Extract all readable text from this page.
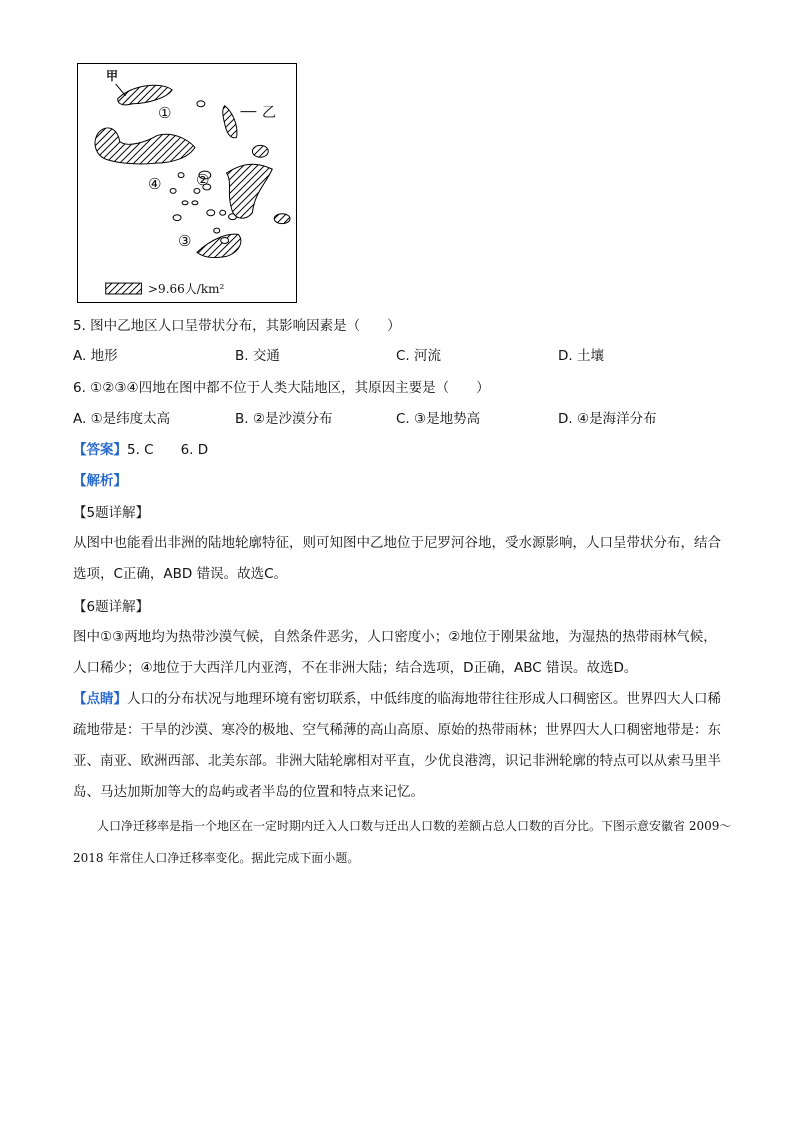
甲
乙
①
②
③
④
>9.66人/km²
5. 图中乙地区人口呈带状分布，其影响因素是（　　）
A. 地形	B. 交通	C. 河流	D. 土壤
6. ①②③④四地在图中都不位于人类大陆地区，其原因主要是（　　）
A. ①是纬度太高	B. ②是沙漠分布	C. ③是地势高	D. ④是海洋分布
【答案】5. C　　6. D
【解析】
【5题详解】
从图中也能看出非洲的陆地轮廓特征，则可知图中乙地位于尼罗河谷地，受水源影响，人口呈带状分布，结合选项，C正确，ABD 错误。故选C。
【6题详解】
图中①③两地均为热带沙漠气候，自然条件恶劣，人口密度小；②地位于刚果盆地，为湿热的热带雨林气候，人口稀少；④地位于大西洋几内亚湾，不在非洲大陆；结合选项，D正确，ABC 错误。故选D。
【点睛】人口的分布状况与地理环境有密切联系，中低纬度的临海地带往往形成人口稠密区。世界四大人口稀疏地带是：干旱的沙漠、寒冷的极地、空气稀薄的高山高原、原始的热带雨林；世界四大人口稠密地带是：东亚、南亚、欧洲西部、北美东部。非洲大陆轮廓相对平直，少优良港湾，识记非洲轮廓的特点可以从索马里半岛、马达加斯加等大的岛屿或者半岛的位置和特点来记忆。
　　人口净迁移率是指一个地区在一定时期内迁入人口数与迁出人口数的差额占总人口数的百分比。下图示意安徽省 2009～2018 年常住人口净迁移率变化。据此完成下面小题。
